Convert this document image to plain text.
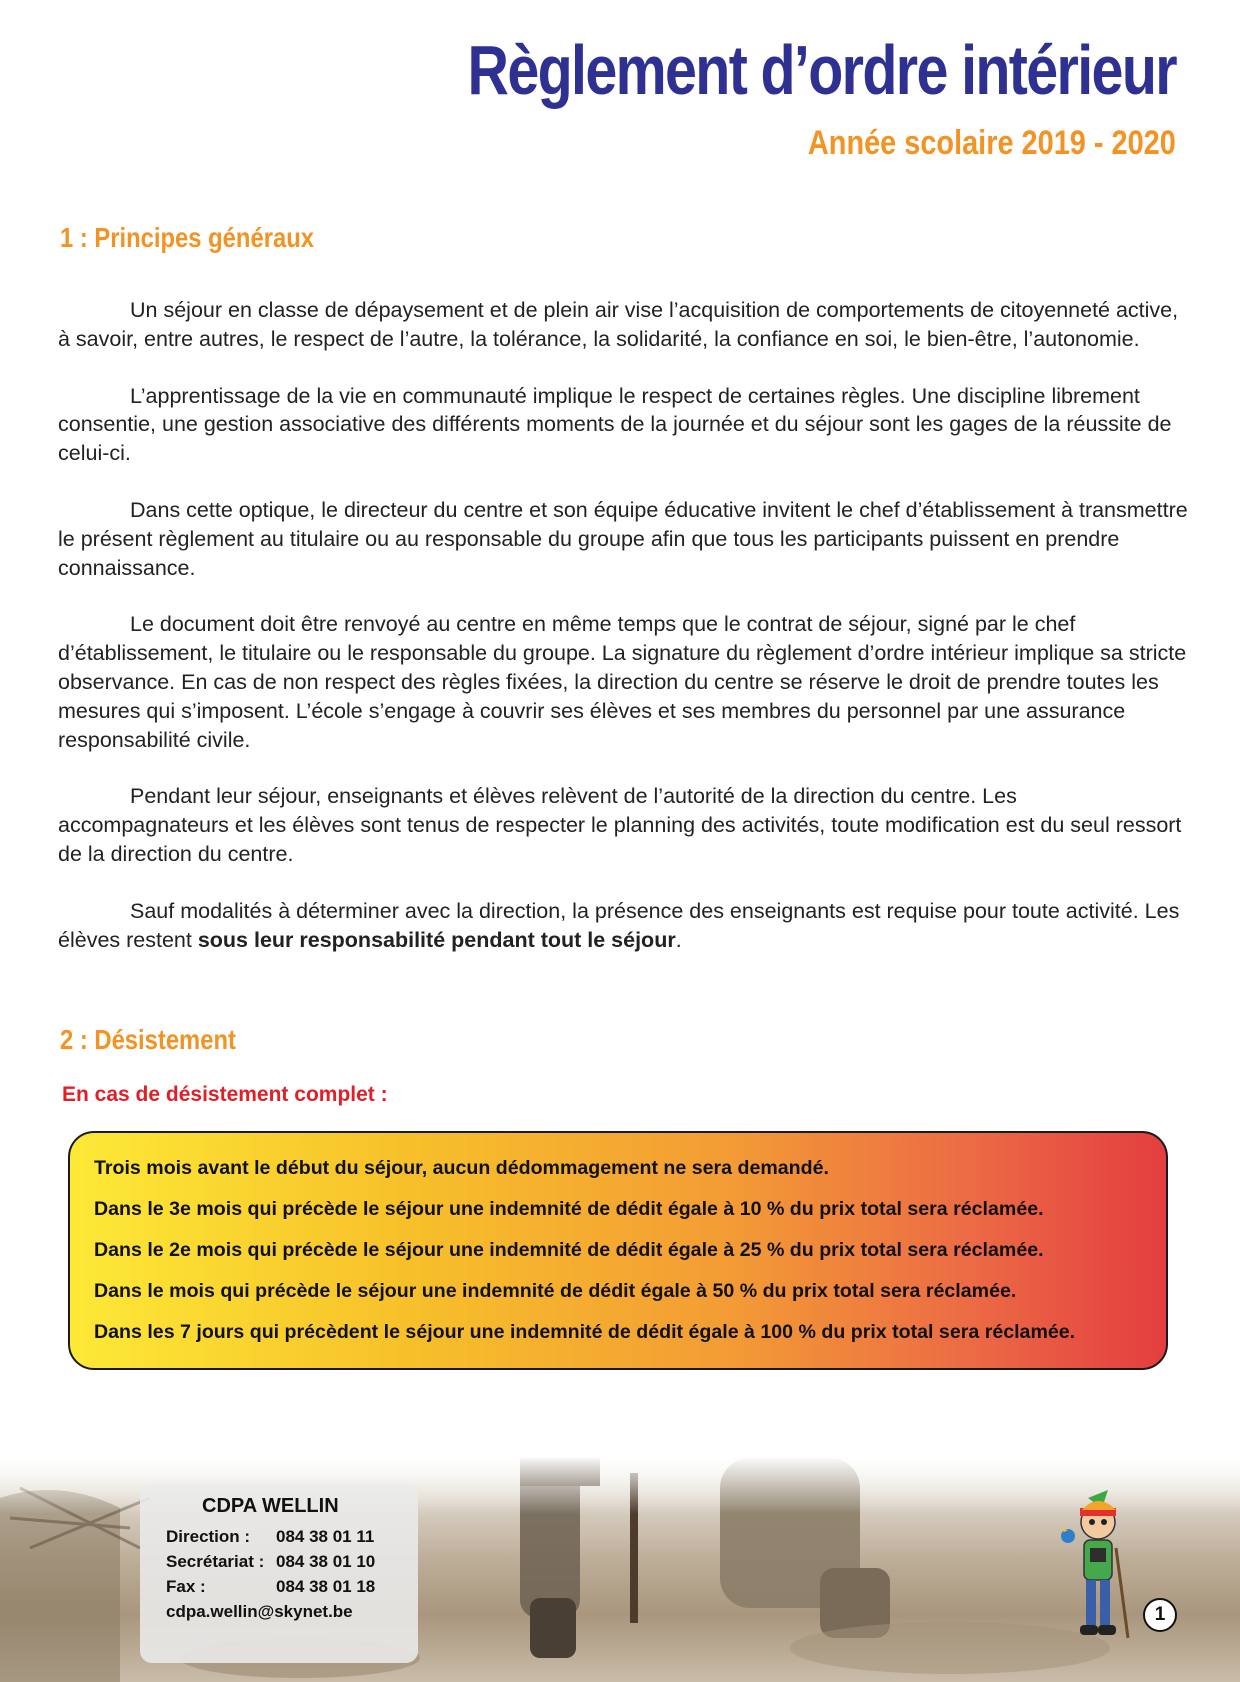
Règlement d’ordre intérieur
Année scolaire 2019 - 2020
1 : Principes généraux

Un séjour en classe de dépaysement et de plein air vise l’acquisition de comportements de citoyenneté active, à savoir, entre autres, le respect de l’autre, la tolérance, la solidarité, la confiance en soi, le bien-être, l’autonomie.

L’apprentissage de la vie en communauté implique le respect de certaines règles. Une discipline librement consentie, une gestion associative des différents moments de la journée et du séjour sont les gages de la réussite de celui-ci.

Dans cette optique, le directeur du centre et son équipe éducative invitent le chef d’établissement à transmettre le présent règlement au titulaire ou au responsable du groupe afin que tous les participants puissent en prendre connaissance.

Le document doit être renvoyé au centre en même temps que le contrat de séjour, signé par le chef d’établissement, le titulaire ou le responsable du groupe. La signature du règlement d’ordre intérieur implique sa stricte observance. En cas de non respect des règles fixées, la direction du centre se réserve le droit de prendre toutes les mesures qui s’imposent. L’école s’engage à couvrir ses élèves et ses membres du personnel par une assurance responsabilité civile.

Pendant leur séjour, enseignants et élèves relèvent de l’autorité de la direction du centre. Les accompagnateurs et les élèves sont tenus de respecter le planning des activités, toute modification est du seul ressort de la direction du centre.

Sauf modalités à déterminer avec la direction, la présence des enseignants est requise pour toute activité. Les élèves restent sous leur responsabilité pendant tout le séjour.

2 : Désistement
En cas de désistement complet :
Trois mois avant le début du séjour, aucun dédommagement ne sera demandé.
Dans le 3e mois qui précède le séjour une indemnité de dédit égale à 10 % du prix total sera réclamée.
Dans le 2e mois qui précède le séjour une indemnité de dédit égale à 25 % du prix total sera réclamée.
Dans le mois qui précède le séjour une indemnité de dédit égale à 50 % du prix total sera réclamée.
Dans les 7 jours qui précèdent le séjour une indemnité de dédit égale à 100 % du prix total sera réclamée.
CDPA WELLIN
Direction : 084 38 01 11
Secrétariat : 084 38 01 10
Fax :	084 38 01 18
cdpa.wellin@skynet.be	1
